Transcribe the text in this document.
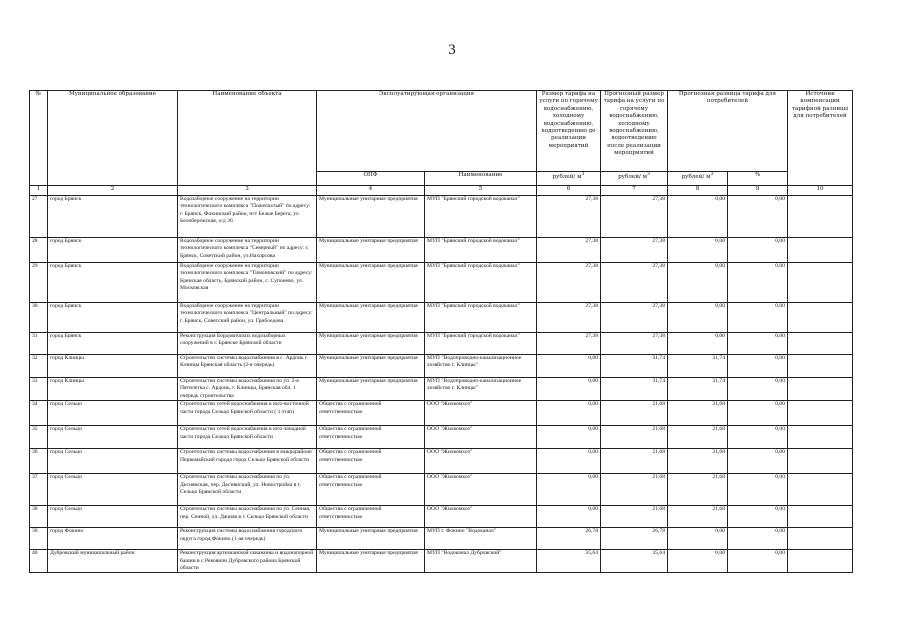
3
№	Муниципальное образование	Наименование объекта	Эксплуатирующая организация		Размер тарифа на услуги по горячему водоснабжению, холодному водоснабжению, водоотведению до реализации мероприятий	Прогнозный размер тарифа на услуги по горячему водоснабжению, холодному водоснабжению, водоотведению после реализации мероприятий	Прогнозная разница тарифа для потребителей		Источник компенсации тарифной разницы для потребителей
			ОПФ	Наименование	рублей/ $м^3$	рублей/ $м^3$	рублей/ $м^3$	%	
1	2	3	4	5	6	7	8	9	10
27	город Брянск	Водозаборное сооружение на территории технологического комплекса "Пожелахтый" по адресу: г. Брянск, Фокинский район, пгт Белые Берега, ул. Белобережская, о/д 36	Муниципальные унитарные предприятия	МУП "Брянский городской водоканал"	27,38	27,38	0,00	0,00	
28	город Брянск	Водозаборное сооружение на территории технологического комплекса "Северный" по адресу: г. Брянск, Советский район, ул.Нахорсова	Муниципальные унитарные предприятия	МУП "Брянский городской водоканал"	27,38	27,38	0,00	0,00	
29	город Брянск	Водозаборное сооружение на территории технологического комплекса "Тимоновский" по адресу: Брянская область, Брянский район, с. Супонево, ул. Московская	Муниципальные унитарные предприятия	МУП "Брянский городской водоканал"	27,38	27,38	0,00	0,00	
30	город Брянск	Водозаборное сооружение на территории технологического комплекса "Центральный" по адресу: г. Брянск, Советский район, ул. Грибоедова	Муниципальные унитарные предприятия	МУП "Брянский городской водоканал"	27,38	27,38	0,00	0,00	
31	город Брянск	Реконструкция Бордовичских водозаборных сооружений в г. Брянске Брянской области	Муниципальные унитарные предприятия	МУП "Брянский городской водоканал"	27,38	27,38	0,00	0,00	
32	город Клинцы	Строительство системы водоснабжения в с. Ардонь г. Клинцы Брянская область (2-я очередь)	Муниципальные унитарные предприятия	МУП "Водопроводно-канализационное хозяйство г. Клинцы"	0,00	31,74	31,74	0,00	
33	город Клинцы	Строительство системы водоснабжения по ул. 2-я Пятилетка с. Ардонь, г. Клинцы, Брянская обл. 1 очередь строительства	Муниципальные унитарные предприятия	МУП "Водопроводно-канализационное хозяйство г. Клинцы"	0,00	31,74	31,74	0,00	
34	город Сельцо	Строительство сетей водоснабжения в юго-восточной части города Сельцо Брянской области ( 1 этап)	Общества с ограниченной ответственностью	ООО "Жилкомхоз"	0,00	21,68	21,68	0,00	
35	город Сельцо	Строительство сетей водоснабжения в юго-западной части города Сельцо Брянской области	Общества с ограниченной ответственностью	ООО "Жилкомхоз"	0,00	21,68	21,68	0,00	
36	город Сельцо	Строительство системы водоснабжения в микрорайоне Первомайский города город Сельцо Брянской области	Общества с ограниченной ответственностью	ООО "Жилкомхоз"	0,00	21,68	21,68	0,00	
37	город Сельцо	Строительство системы водоснабжения по ул. Деснянская, пер. Деснянский, ул. Новостройка в г. Сельцо Брянской области	Общества с ограниченной ответственностью	ООО "Жилкомхоз"	0,00	21,68	21,68	0,00	
38	город Сельцо	Строительство системы водоснабжения по ул. Сенная, пер. Сенной, ул. Дачная в г. Сельцо Брянской области	Общества с ограниченной ответственностью	ООО "Жилкомхоз"	0,00	21,68	21,68	0,00	
39	город Фокино	Реконструкция системы водоснабжения городского округа город Фокино (1-ая очередь)	Муниципальные унитарные предприятия	МУП г. Фокино "Водоканал"	26,78	26,78	0,00	0,00	
40	Дубровский муниципальный район	Реконструкция артезианской скважины и водонапорной башни в с.Рековичи Дубровского района Брянской области	Муниципальные унитарные предприятия	МУП "Водоканал Дубровский"	35,64	35,64	0,00	0,00	
